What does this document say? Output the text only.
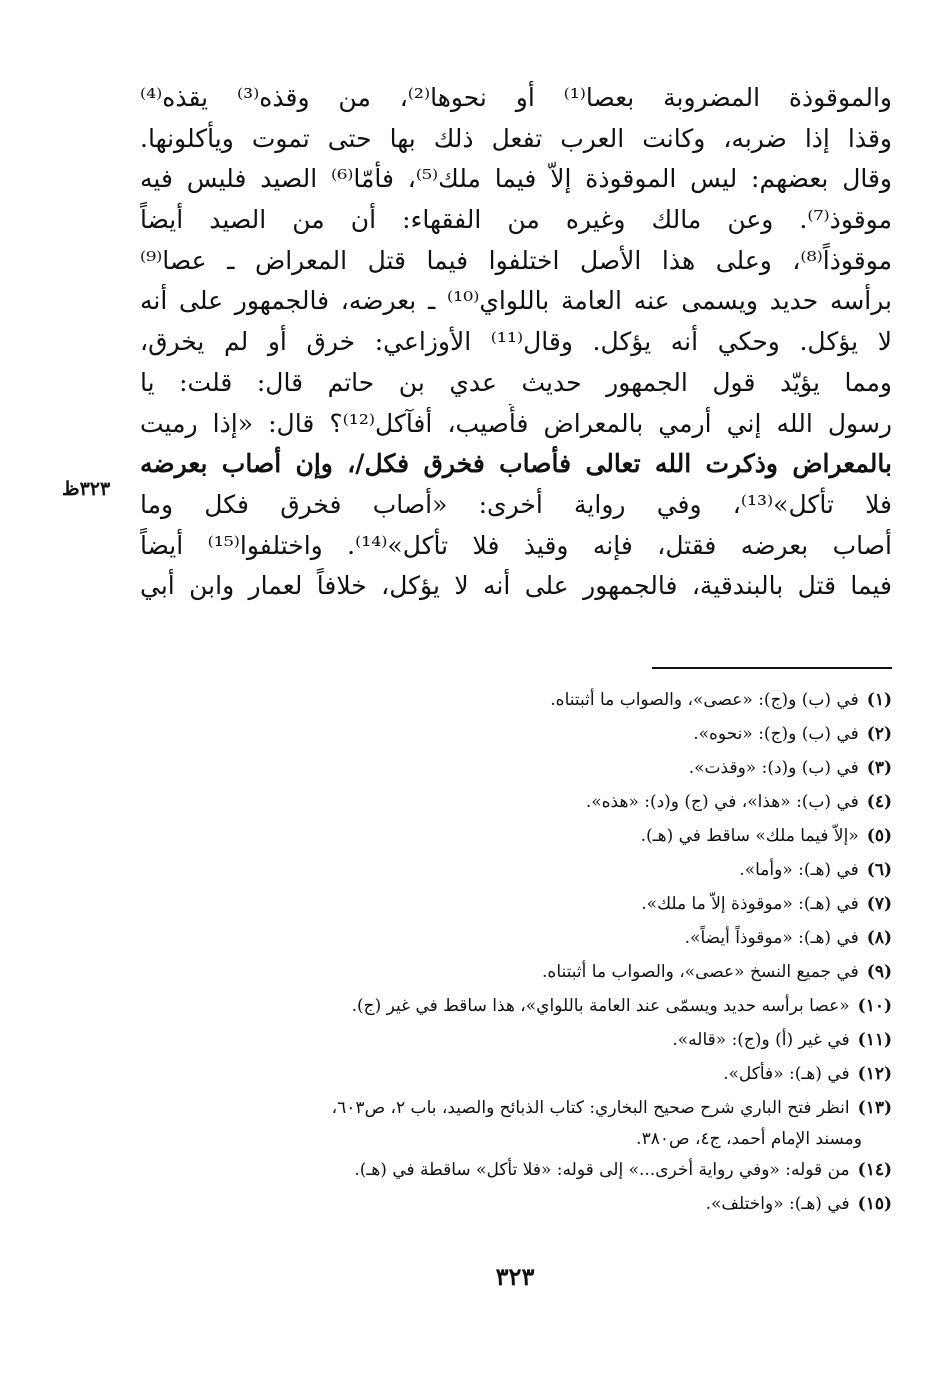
والموقوذة المضروبة بعصا⁽¹⁾ أو نحوها⁽²⁾، من وقذه⁽³⁾ يقذه⁽⁴⁾
وقذا إذا ضربه، وكانت العرب تفعل ذلك بها حتى تموت ويأكلونها.
وقال بعضهم: ليس الموقوذة إلاّ فيما ملك⁽⁵⁾، فأمّا⁽⁶⁾ الصيد فليس فيه
موقوذ⁽⁷⁾. وعن مالك وغيره من الفقهاء: أن من الصيد أيضاً
موقوذاً⁽⁸⁾، وعلى هذا الأصل اختلفوا فيما قتل المعراض ـ عصا⁽⁹⁾
برأسه حديد ويسمى عنه العامة باللواي⁽¹⁰⁾ ـ بعرضه، فالجمهور على أنه
لا يؤكل. وحكي أنه يؤكل. وقال⁽¹¹⁾ الأوزاعي: خرق أو لم يخرق،
ومما يؤيّد قول الجمهور حديث عدي بن حاتم قال: قلت: يا
رسول الله إني أرمي بالمعراض فأُصيب، أفآكل⁽¹²⁾؟ قال: «إذا رميت
بالمعراض وذكرت الله تعالى فأصاب فخرق فكل/، وإن أصاب بعرضه
فلا تأكل»⁽¹³⁾، وفي رواية أخرى: «أصاب فخرق فكل وما
أصاب بعرضه فقتل، فإنه وقيذ فلا تأكل»⁽¹⁴⁾. واختلفوا⁽¹⁵⁾ أيضاً
فيما قتل بالبندقية، فالجمهور على أنه لا يؤكل، خلافاً لعمار وابن أبي
٣٢٣ظ
(١)في (ب) و(ج): «عصى»، والصواب ما أثبتناه.
(٢)في (ب) و(ج): «نحوه».
(٣)في (ب) و(د): «وقذت».
(٤)في (ب): «هذا»، في (ج) و(د): «هذه».
(٥)«إلاّ فيما ملك» ساقط في (هـ).
(٦)في (هـ): «وأما».
(٧)في (هـ): «موقوذة إلاّ ما ملك».
(٨)في (هـ): «موقوذاً أيضاً».
(٩)في جميع النسخ «عصى»، والصواب ما أثبتناه.
(١٠)«عصا برأسه حديد ويسمّى عند العامة باللواي»، هذا ساقط في غير (ج).
(١١)في غير (أ) و(ج): «قاله».
(١٢)في (هـ): «فأكل».
(١٣)انظر فتح الباري شرح صحيح البخاري: كتاب الذبائح والصيد، باب ٢، ص٦٠٣،
ومسند الإمام أحمد، ج٤، ص٣٨٠.
(١٤)من قوله: «وفي رواية أخرى...» إلى قوله: «فلا تأكل» ساقطة في (هـ).
(١٥)في (هـ): «واختلف».
٣٢٣
